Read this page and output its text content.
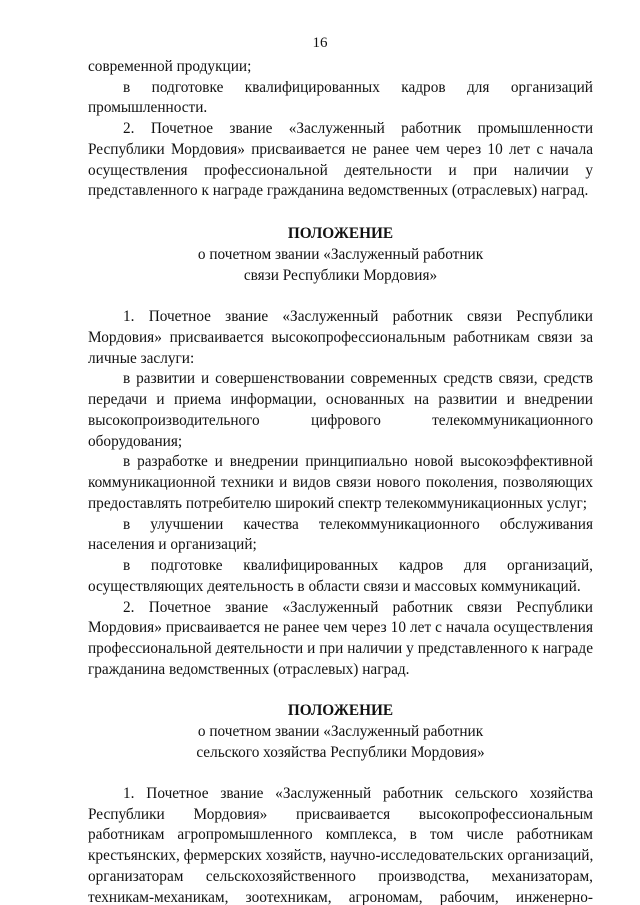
16
современной продукции;
в подготовке квалифицированных кадров для организаций
промышленности.
2. Почетное звание «Заслуженный работник промышленности
Республики Мордовия» присваивается не ранее чем через 10 лет с начала
осуществления профессиональной деятельности и при наличии у
представленного к награде гражданина ведомственных (отраслевых) наград.
ПОЛОЖЕНИЕ
о почетном звании «Заслуженный работник
связи Республики Мордовия»
1. Почетное звание «Заслуженный работник связи Республики
Мордовия» присваивается высокопрофессиональным работникам связи за
личные заслуги:
в развитии и совершенствовании современных средств связи, средств
передачи и приема информации, основанных на развитии и внедрении
высокопроизводительного цифрового телекоммуникационного
оборудования;
в разработке и внедрении принципиально новой высокоэффективной
коммуникационной техники и видов связи нового поколения, позволяющих
предоставлять потребителю широкий спектр телекоммуникационных услуг;
в улучшении качества телекоммуникационного обслуживания
населения и организаций;
в подготовке квалифицированных кадров для организаций,
осуществляющих деятельность в области связи и массовых коммуникаций.
2. Почетное звание «Заслуженный работник связи Республики
Мордовия» присваивается не ранее чем через 10 лет с начала осуществления
профессиональной деятельности и при наличии у представленного к награде
гражданина ведомственных (отраслевых) наград.
ПОЛОЖЕНИЕ
о почетном звании «Заслуженный работник
сельского хозяйства Республики Мордовия»
1. Почетное звание «Заслуженный работник сельского хозяйства
Республики Мордовия» присваивается высокопрофессиональным
работникам агропромышленного комплекса, в том числе работникам
крестьянских, фермерских хозяйств, научно-исследовательских организаций,
организаторам сельскохозяйственного производства, механизаторам,
техникам-механикам, зоотехникам, агрономам, рабочим, инженерно-
